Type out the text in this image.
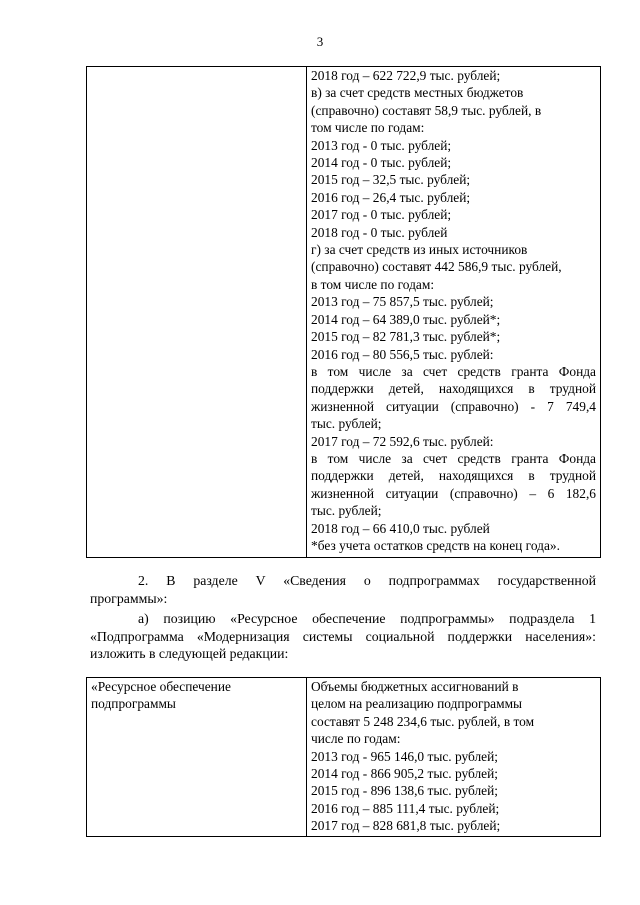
3

2018 год – 622 722,9 тыс. рублей;
в) за счет средств местных бюджетов
(справочно) составят 58,9 тыс. рублей, в
том числе по годам:
2013 год - 0 тыс. рублей;
2014 год - 0 тыс. рублей;
2015 год – 32,5 тыс. рублей;
2016 год – 26,4 тыс. рублей;
2017 год - 0 тыс. рублей;
2018 год - 0 тыс. рублей
г) за счет средств из иных источников
(справочно) составят 442 586,9 тыс. рублей,
в том числе по годам:
2013 год – 75 857,5 тыс. рублей;
2014 год – 64 389,0 тыс. рублей*;
2015 год – 82 781,3 тыс. рублей*;
2016 год – 80 556,5 тыс. рублей:
в том числе за счет средств гранта Фонда
поддержки детей, находящихся в трудной
жизненной ситуации (справочно) - 7 749,4
тыс. рублей;
2017 год – 72 592,6 тыс. рублей:
в том числе за счет средств гранта Фонда
поддержки детей, находящихся в трудной
жизненной ситуации (справочно) – 6 182,6
тыс. рублей;
2018 год – 66 410,0 тыс. рублей
*без учета остатков средств на конец года».
2. В разделе V «Сведения о подпрограммах государственной
программы»:
а) позицию «Ресурсное обеспечение подпрограммы» подраздела 1
«Подпрограмма «Модернизация системы социальной поддержки населения»:
изложить в следующей редакции:
«Ресурсное обеспечение
подпрограммы

Объемы бюджетных ассигнований в
целом на реализацию подпрограммы
составят 5 248 234,6 тыс. рублей, в том
числе по годам:
2013 год - 965 146,0 тыс. рублей;
2014 год - 866 905,2 тыс. рублей;
2015 год - 896 138,6 тыс. рублей;
2016 год – 885 111,4 тыс. рублей;
2017 год – 828 681,8 тыс. рублей;
